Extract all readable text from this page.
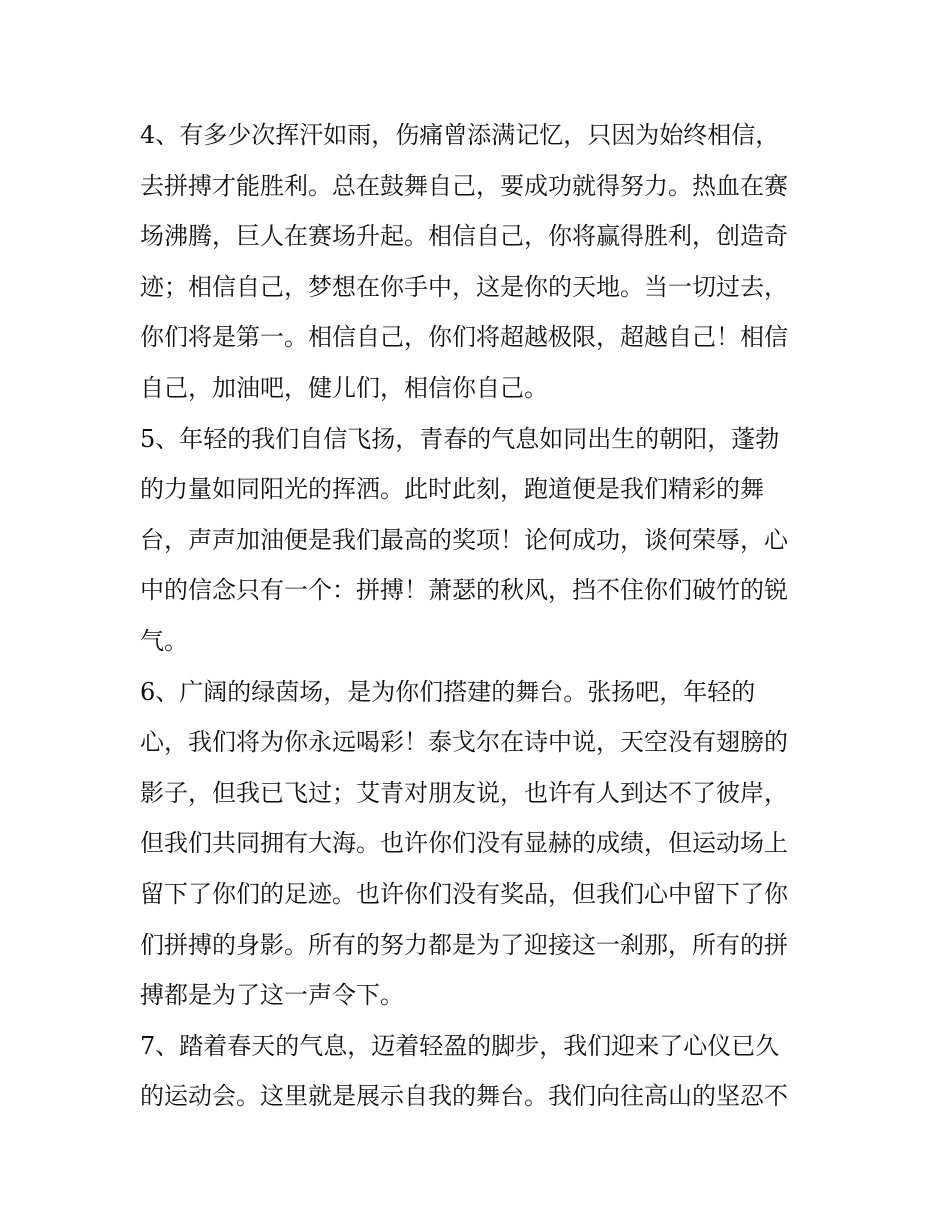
4、有多少次挥汗如雨，伤痛曾添满记忆，只因为始终相信，
去拼搏才能胜利。总在鼓舞自己，要成功就得努力。热血在赛
场沸腾，巨人在赛场升起。相信自己，你将赢得胜利，创造奇
迹；相信自己，梦想在你手中，这是你的天地。当一切过去，
你们将是第一。相信自己，你们将超越极限，超越自己！相信
自己，加油吧，健儿们，相信你自己。
5、年轻的我们自信飞扬，青春的气息如同出生的朝阳，蓬勃
的力量如同阳光的挥洒。此时此刻，跑道便是我们精彩的舞
台，声声加油便是我们最高的奖项！论何成功，谈何荣辱，心
中的信念只有一个：拼搏！萧瑟的秋风，挡不住你们破竹的锐
气。
6、广阔的绿茵场，是为你们搭建的舞台。张扬吧，年轻的
心，我们将为你永远喝彩！泰戈尔在诗中说，天空没有翅膀的
影子，但我已飞过；艾青对朋友说，也许有人到达不了彼岸，
但我们共同拥有大海。也许你们没有显赫的成绩，但运动场上
留下了你们的足迹。也许你们没有奖品，但我们心中留下了你
们拼搏的身影。所有的努力都是为了迎接这一刹那，所有的拼
搏都是为了这一声令下。
7、踏着春天的气息，迈着轻盈的脚步，我们迎来了心仪已久
的运动会。这里就是展示自我的舞台。我们向往高山的坚忍不
